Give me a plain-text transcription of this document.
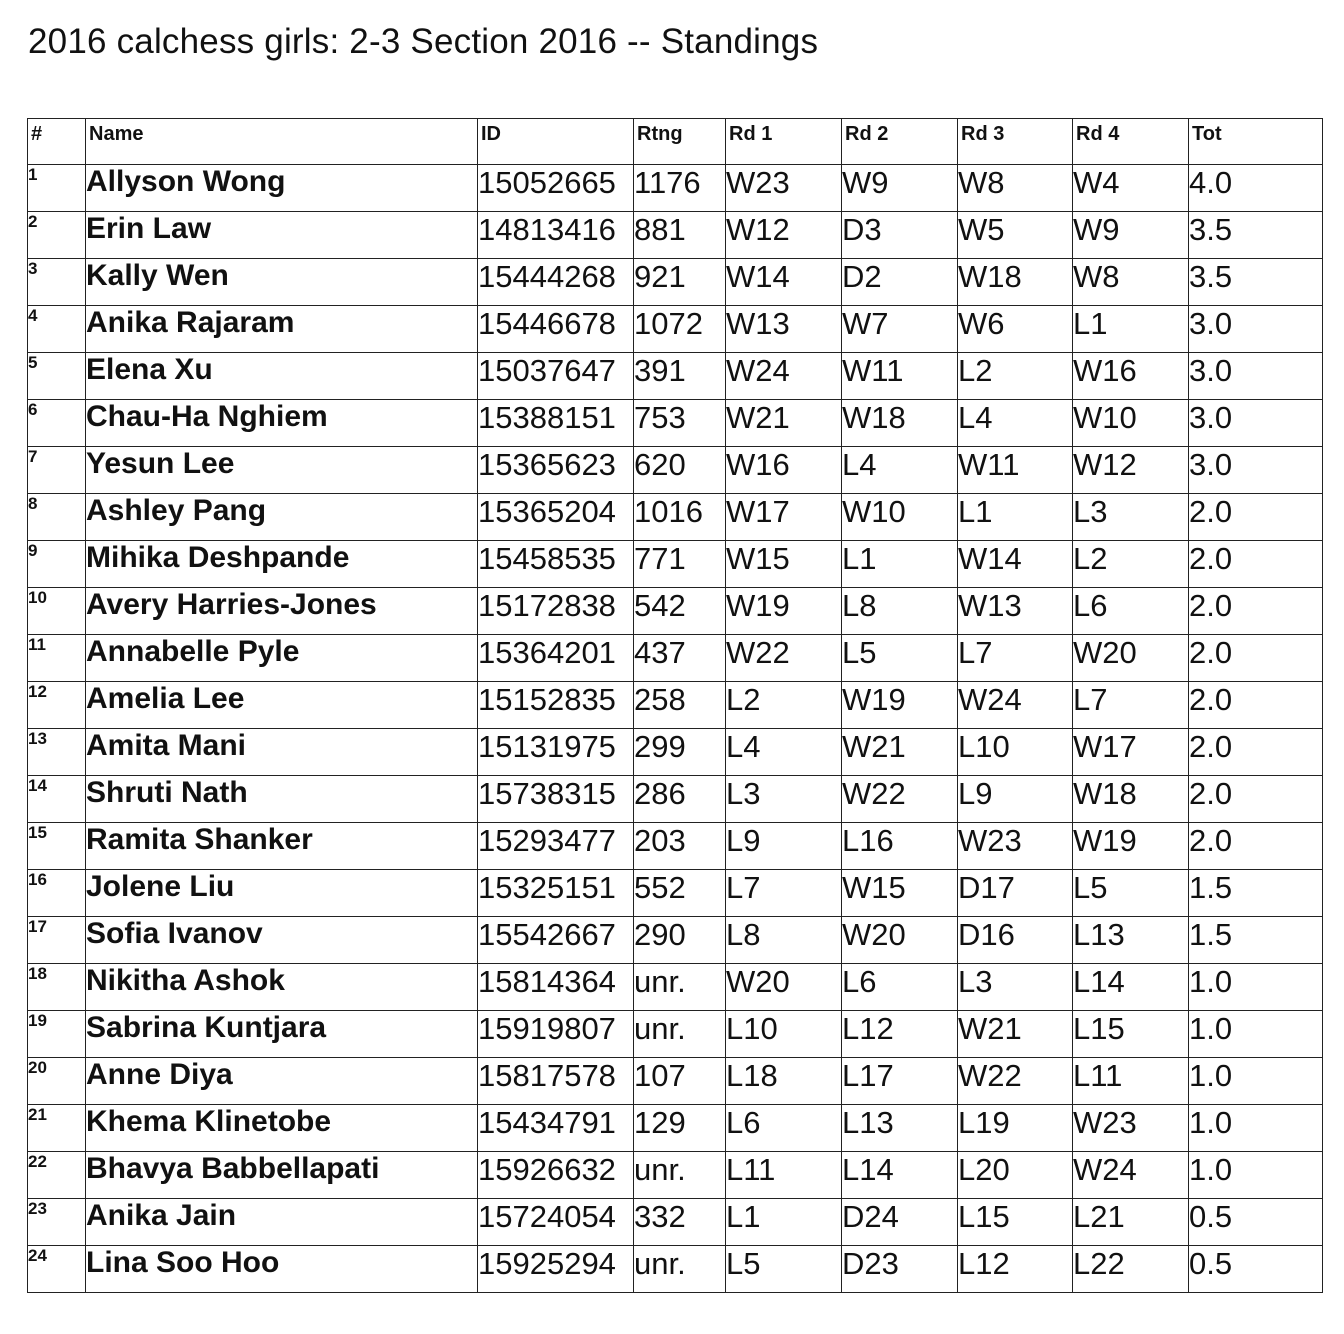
2016 calchess girls: 2-3 Section 2016 -- Standings
#	Name	ID	Rtng	Rd 1	Rd 2	Rd 3	Rd 4	Tot
1	Allyson Wong	15052665	1176	W23	W9	W8	W4	4.0
2	Erin Law	14813416	881	W12	D3	W5	W9	3.5
3	Kally Wen	15444268	921	W14	D2	W18	W8	3.5
4	Anika Rajaram	15446678	1072	W13	W7	W6	L1	3.0
5	Elena Xu	15037647	391	W24	W11	L2	W16	3.0
6	Chau-Ha Nghiem	15388151	753	W21	W18	L4	W10	3.0
7	Yesun Lee	15365623	620	W16	L4	W11	W12	3.0
8	Ashley Pang	15365204	1016	W17	W10	L1	L3	2.0
9	Mihika Deshpande	15458535	771	W15	L1	W14	L2	2.0
10	Avery Harries-Jones	15172838	542	W19	L8	W13	L6	2.0
11	Annabelle Pyle	15364201	437	W22	L5	L7	W20	2.0
12	Amelia Lee	15152835	258	L2	W19	W24	L7	2.0
13	Amita Mani	15131975	299	L4	W21	L10	W17	2.0
14	Shruti Nath	15738315	286	L3	W22	L9	W18	2.0
15	Ramita Shanker	15293477	203	L9	L16	W23	W19	2.0
16	Jolene Liu	15325151	552	L7	W15	D17	L5	1.5
17	Sofia Ivanov	15542667	290	L8	W20	D16	L13	1.5
18	Nikitha Ashok	15814364	unr.	W20	L6	L3	L14	1.0
19	Sabrina Kuntjara	15919807	unr.	L10	L12	W21	L15	1.0
20	Anne Diya	15817578	107	L18	L17	W22	L11	1.0
21	Khema Klinetobe	15434791	129	L6	L13	L19	W23	1.0
22	Bhavya Babbellapati	15926632	unr.	L11	L14	L20	W24	1.0
23	Anika Jain	15724054	332	L1	D24	L15	L21	0.5
24	Lina Soo Hoo	15925294	unr.	L5	D23	L12	L22	0.5
